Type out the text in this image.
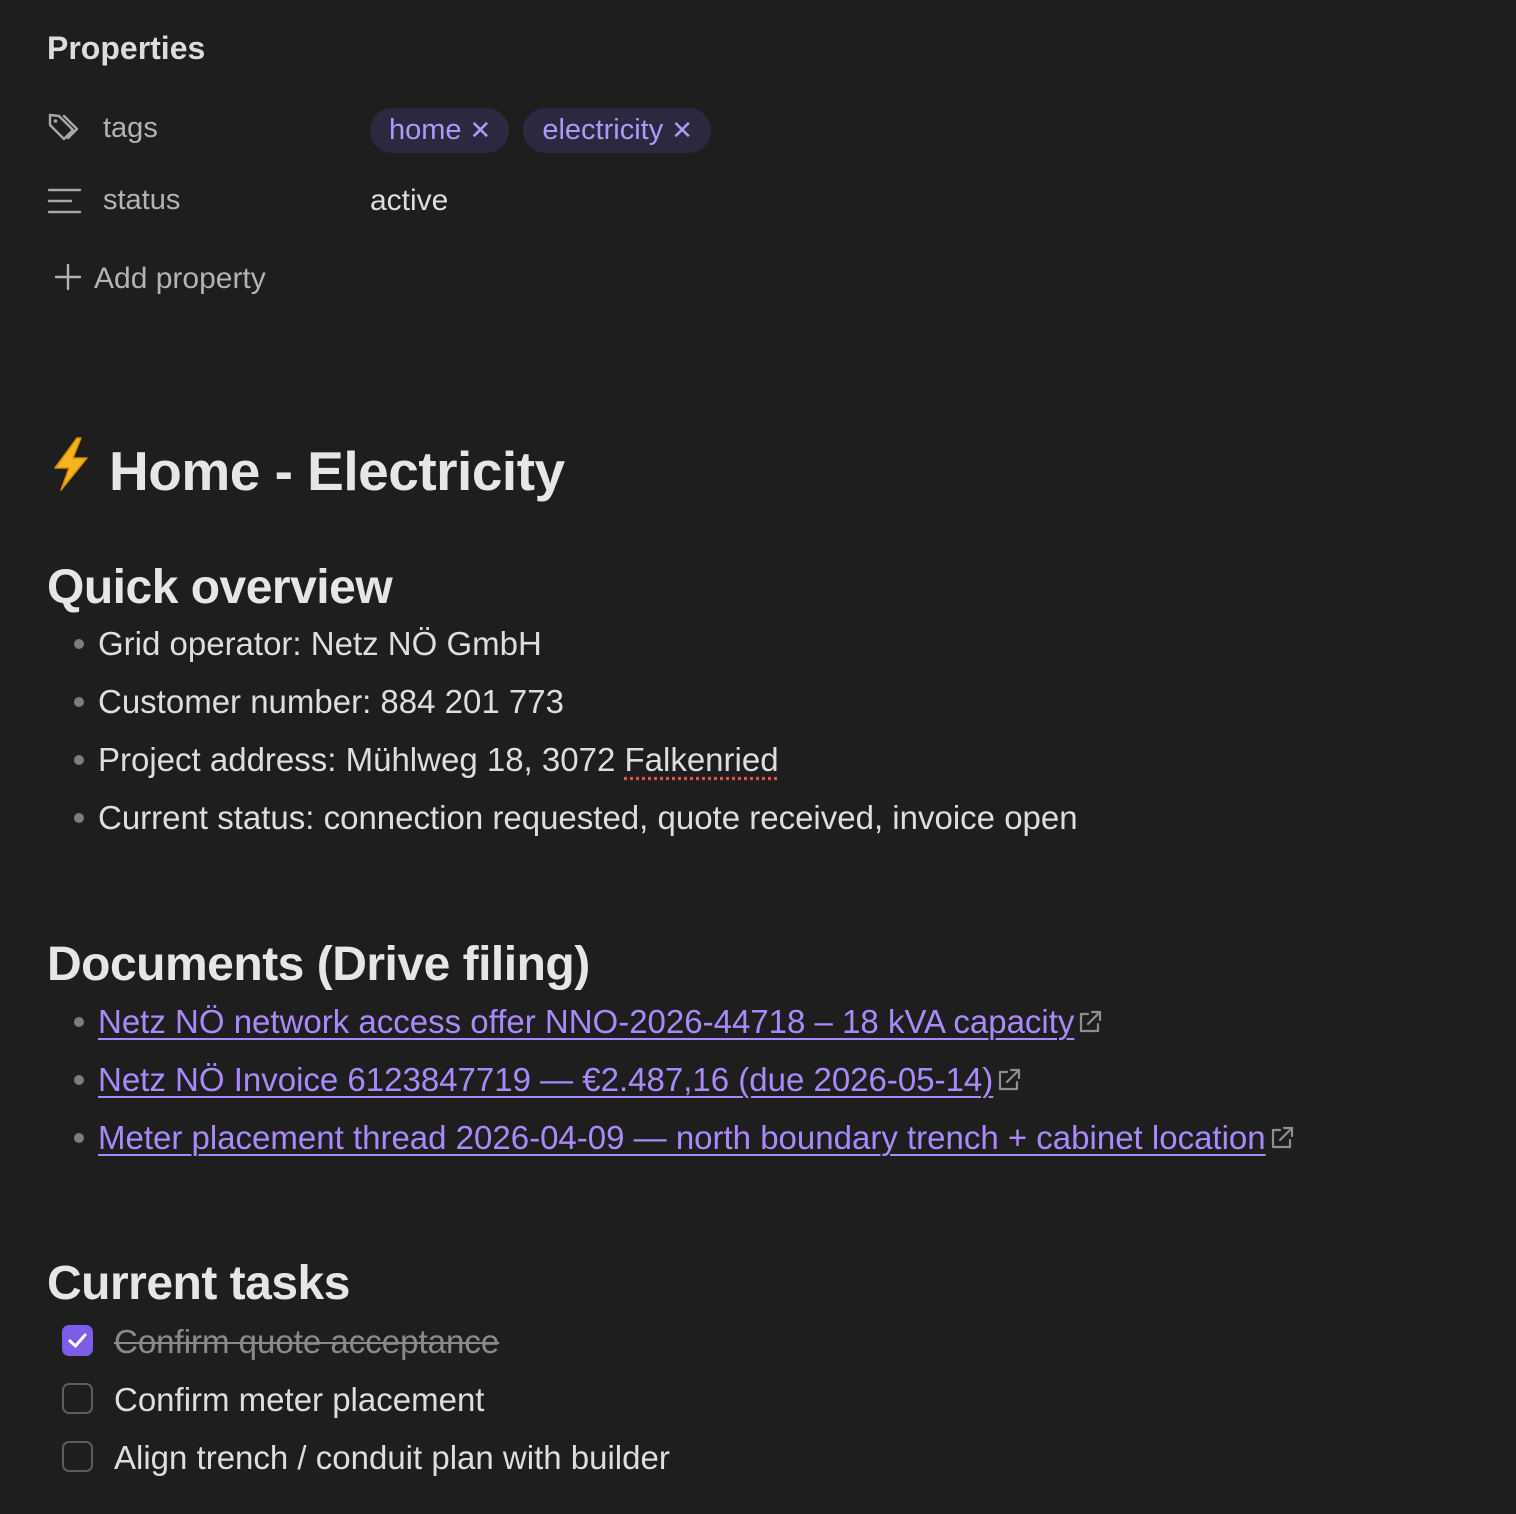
Properties
tags	home ✕ electricity ✕
status	active
Add property
Home - Electricity
Quick overview
Grid operator: Netz NÖ GmbH
Customer number: 884 201 773
Project address: Mühlweg 18, 3072 Falkenried
Current status: connection requested, quote received, invoice open
Documents (Drive filing)
Netz NÖ network access offer NNO-2026-44718 – 18 kVA capacity
Netz NÖ Invoice 6123847719 — €2.487,16 (due 2026-05-14)
Meter placement thread 2026-04-09 — north boundary trench + cabinet location
Current tasks
Confirm quote acceptance
Confirm meter placement
Align trench / conduit plan with builder
